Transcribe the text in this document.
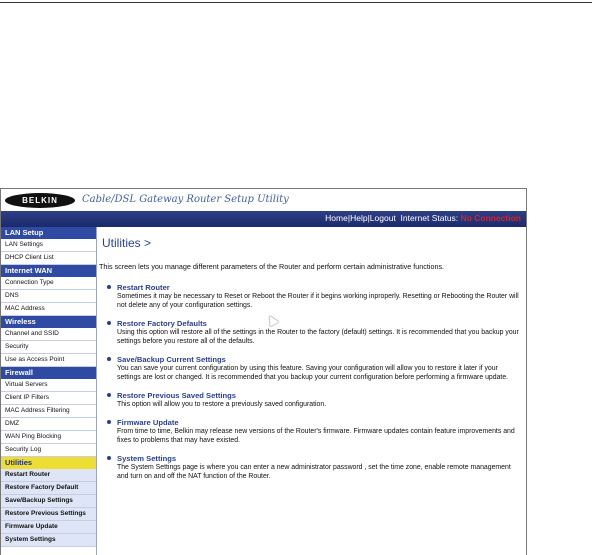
BELKIN	Cable/DSL Gateway Router Setup Utility
Home|Help|Logout Internet Status: No Connection
LAN Setup
LAN Settings
DHCP Client List
Internet WAN
Connection Type
DNS
MAC Address
Wireless
Channel and SSID
Security
Use as Access Point
Firewall
Virtual Servers
Client IP Filters
MAC Address Filtering
DMZ
WAN Ping Blocking
Security Log
Utilities
Restart Router
Restore Factory Default
Save/Backup Settings
Restore Previous Settings
Firmware Update
System Settings
Utilities >
This screen lets you manage different parameters of the Router and perform certain administrative functions.
Restart Router
Sometimes it may be necessary to Reset or Reboot the Router if it begins working inproperly. Resetting or Rebooting the Router will not delete any of your configuration settings.
Restore Factory Defaults
Using this option will restore all of the settings in the Router to the factory (default) settings. It is recommended that you backup your settings before you restore all of the defaults.
Save/Backup Current Settings
You can save your current configuration by using this feature. Saving your configuration will allow you to restore it later if your settings are lost or changed. It is recommended that you backup your current configuration before performing a firmware update.
Restore Previous Saved Settings
This option will allow you to restore a previously saved configuration.
Firmware Update
From time to time, Belkin may release new versions of the Router's firmware. Firmware updates contain feature improvements and fixes to problems that may have existed.
System Settings
The System Settings page is where you can enter a new administrator password , set the time zone, enable remote management and turn on and off the NAT function of the Router.
